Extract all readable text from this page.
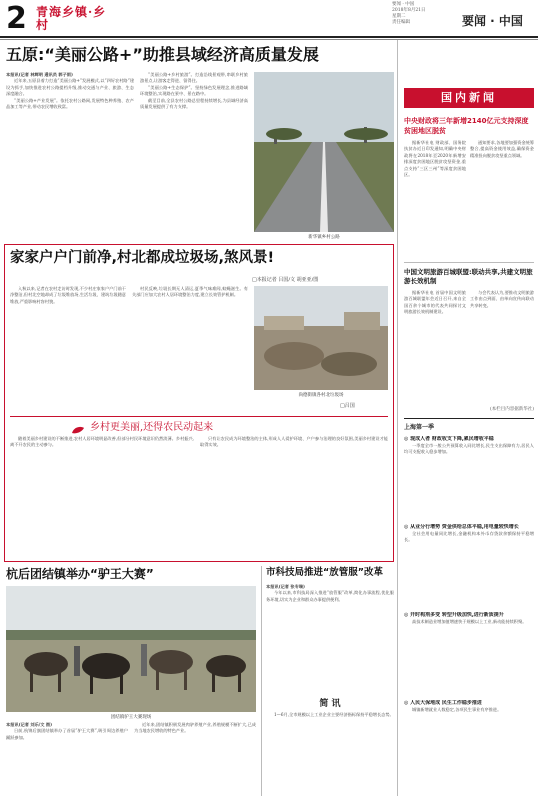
2 青海乡镇·乡村
要闻 · 中国
2018年8月21日
星期二
责任编辑	要闻 · 中国
五原:“美丽公路+”助推县域经济高质量发展

本报讯(记者 林辉明 通讯员 郭子雨)

近年来,五原县着力打造“美丽公路+”发展模式,以“四好农村路”建设为抓手,加快推进农村公路提档升级,推动交通与产业、旅游、生态深度融合。

“美丽公路+产业发展”。依托农村公路网,发展特色种养殖、农产品加工等产业,带动农民增收致富。

“美丽公路+乡村旅游”。打造沿线景观带,串联乡村旅游景点,让游客走得进、留得住。

“美丽公路+生态保护”。坚持绿色发展理念,推进路域环境整治,实现路在景中、景在路中。

截至目前,全县农村公路总里程持续增长,为县域经济高质量发展提供了有力支撑。

新华镇乡村公路
家家户户门前净,村北都成垃圾场,煞风景!
□本报记者 吕国/文 胡亚亚/图

入秋以来,记者在农村走访时发现,不少村庄家家户户门前干净整洁,但村北空地却成了垃圾堆放场,生活垃圾、建筑垃圾随意堆放,严重影响村容村貌。

村民反映,垃圾长期无人清运,夏季气味难闻,蚊蝇滋生。有关部门应加大农村人居环境整治力度,建立长效管护机制。

尚德街镇各村北垃圾场
□吕国
乡村更美丽,还得农民动起来

随着美丽乡村建设的不断推进,农村人居环境明显改善,但部分村民环境意识仍然淡薄。乡村振兴,离不开农民的主动参与。

只有让农民成为环境整治的主体,形成人人爱护环境、户户参与治理的良好氛围,美丽乡村建设才能取得实效。

杭后团结镇举办“驴王大赛”
团结镇驴王大赛现场

本报讯(记者 刘乐/文 图)

日前,杭锦后旗团结镇举办了首届“驴王大赛”,吸引周边养殖户踊跃参加。

近年来,团结镇积极发展肉驴养殖产业,养殖规模不断扩大,已成为当地农民增收的特色产业。

市科技局推进“放管服”改革

本报讯(记者 张专瑞)

今年以来,市科技局深入推进“放管服”改革,简化办事流程,优化服务环境,切实为企业和群众办事提供便利。

简 讯

1—6月,全市规模以上工业企业主要经济指标保持平稳增长态势。

国内新闻
中央财政将三年新增2140亿元支持深度贫困地区脱贫

据新华社电 财政部、国务院扶贫办近日印发通知,明确中央财政将在2018年至2020年新增安排深度贫困地区脱贫攻坚资金,重点支持“三区三州”等深度贫困地区。

通知要求,各地要加强资金统筹整合,提高资金使用效益,确保资金精准投向脱贫攻坚重点领域。

中国文明旅游百城联盟:联动共享,共建文明旅游长效机制

据新华社电 首届中国文明旅游百城联盟年会近日召开,来自全国百余个城市的代表共同探讨文明旅游长效机制建设。

与会代表认为,要推动文明旅游工作由点到面、由单向宣传向联动共享转变。

(本栏目内容据新华社)
上海第一季
◎ 现成人者 财政收支下降,累民增收平稳

一季度全市一般公共预算收入同比增长,民生支出保障有力,居民人均可支配收入稳步增加。

◎ 从业分行增势 资金供给总体平稳,用电量较快增长

全社会用电量同比增长,金融机构本外币存贷款余额保持平稳增长。

◎ 开时构剂多变 转型升级加快,进行新质提升

高技术制造业增加值增速快于规模以上工业,新动能持续积聚。

◎ 人民大保地成 民生工作稳步推进

城镇新增就业人数稳定,各项民生事业有序推进。
